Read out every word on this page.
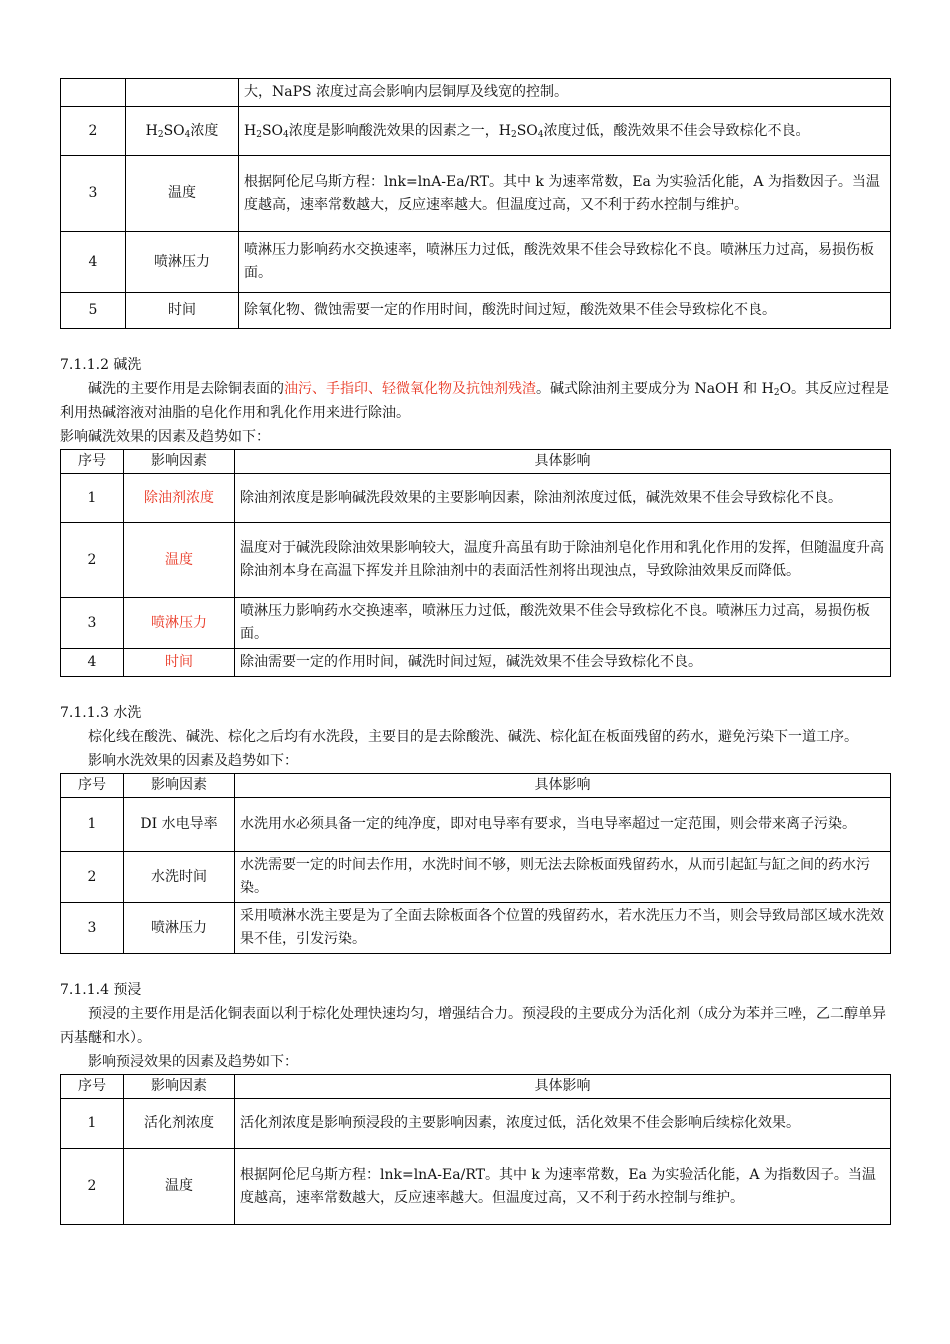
		大，NaPS 浓度过高会影响内层铜厚及线宽的控制。
2	$H_2SO_4$浓度	$H_2SO_4$浓度是影响酸洗效果的因素之一，$H_2SO_4$浓度过低，酸洗效果不佳会导致棕化不良。
3	温度	根据阿伦尼乌斯方程：lnk=lnA-Ea/RT。其中 k 为速率常数，Ea 为实验活化能，A 为指数因子。当温度越高，速率常数越大，反应速率越大。但温度过高，又不利于药水控制与维护。
4	喷淋压力	喷淋压力影响药水交换速率，喷淋压力过低，酸洗效果不佳会导致棕化不良。喷淋压力过高，易损伤板面。
5	时间	除氧化物、微蚀需要一定的作用时间，酸洗时间过短，酸洗效果不佳会导致棕化不良。
7.1.1.2 碱洗
碱洗的主要作用是去除铜表面的油污、手指印、轻微氧化物及抗蚀剂残渣。碱式除油剂主要成分为 NaOH 和 $H_2O$。其反应过程是利用热碱溶液对油脂的皂化作用和乳化作用来进行除油。
影响碱洗效果的因素及趋势如下：
序号	影响因素	具体影响
1	除油剂浓度	除油剂浓度是影响碱洗段效果的主要影响因素，除油剂浓度过低，碱洗效果不佳会导致棕化不良。
2	温度	温度对于碱洗段除油效果影响较大，温度升高虽有助于除油剂皂化作用和乳化作用的发挥，但随温度升高除油剂本身在高温下挥发并且除油剂中的表面活性剂将出现浊点，导致除油效果反而降低。
3	喷淋压力	喷淋压力影响药水交换速率，喷淋压力过低，酸洗效果不佳会导致棕化不良。喷淋压力过高，易损伤板面。
4	时间	除油需要一定的作用时间，碱洗时间过短，碱洗效果不佳会导致棕化不良。
7.1.1.3 水洗
棕化线在酸洗、碱洗、棕化之后均有水洗段，主要目的是去除酸洗、碱洗、棕化缸在板面残留的药水，避免污染下一道工序。
影响水洗效果的因素及趋势如下：
序号	影响因素	具体影响
1	DI 水电导率	水洗用水必须具备一定的纯净度，即对电导率有要求，当电导率超过一定范围，则会带来离子污染。
2	水洗时间	水洗需要一定的时间去作用，水洗时间不够，则无法去除板面残留药水，从而引起缸与缸之间的药水污染。
3	喷淋压力	采用喷淋水洗主要是为了全面去除板面各个位置的残留药水，若水洗压力不当，则会导致局部区域水洗效果不佳，引发污染。
7.1.1.4 预浸
预浸的主要作用是活化铜表面以利于棕化处理快速均匀，增强结合力。预浸段的主要成分为活化剂（成分为苯并三唑，乙二醇单异丙基醚和水）。
影响预浸效果的因素及趋势如下：
序号	影响因素	具体影响
1	活化剂浓度	活化剂浓度是影响预浸段的主要影响因素，浓度过低，活化效果不佳会影响后续棕化效果。
2	温度	根据阿伦尼乌斯方程：lnk=lnA-Ea/RT。其中 k 为速率常数，Ea 为实验活化能，A 为指数因子。当温度越高，速率常数越大，反应速率越大。但温度过高，又不利于药水控制与维护。
